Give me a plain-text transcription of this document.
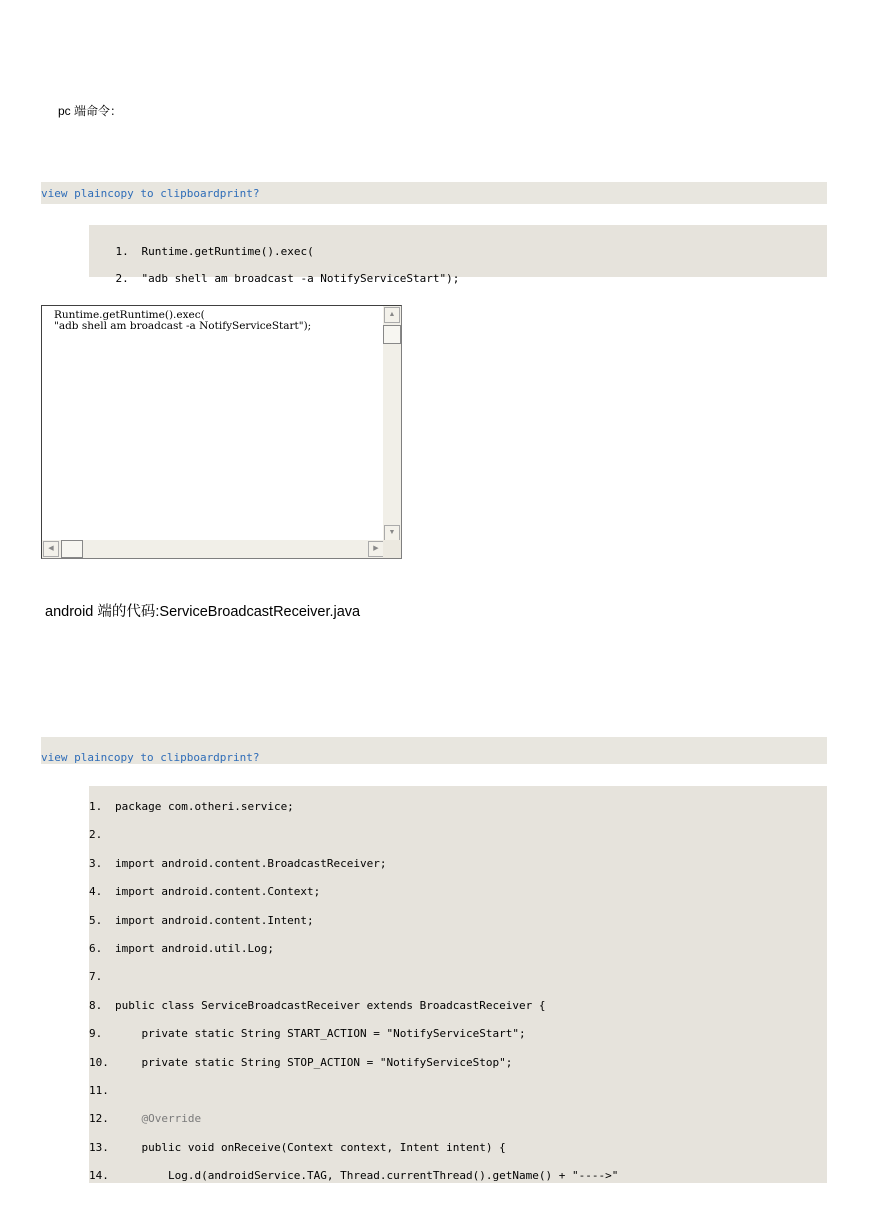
pc 端命令：
view plaincopy to clipboardprint?

1. Runtime.getRuntime().exec(

2. "adb shell am broadcast -a NotifyServiceStart");

Runtime.getRuntime().exec(
"adb shell am broadcast -a NotifyServiceStart");
▲
▼
◀	▶
android 端的代码:ServiceBroadcastReceiver.java
view plaincopy to clipboardprint?
1. package com.otheri.service;
2.
3. import android.content.BroadcastReceiver;
4. import android.content.Context;
5. import android.content.Intent;
6. import android.util.Log;
7.
8. public class ServiceBroadcastReceiver extends BroadcastReceiver {
9.    private static String START_ACTION = "NotifyServiceStart";
10.    private static String STOP_ACTION = "NotifyServiceStop";
11.
12.    @Override
13.    public void onReceive(Context context, Intent intent) {
14.        Log.d(androidService.TAG, Thread.currentThread().getName() + "---->"
